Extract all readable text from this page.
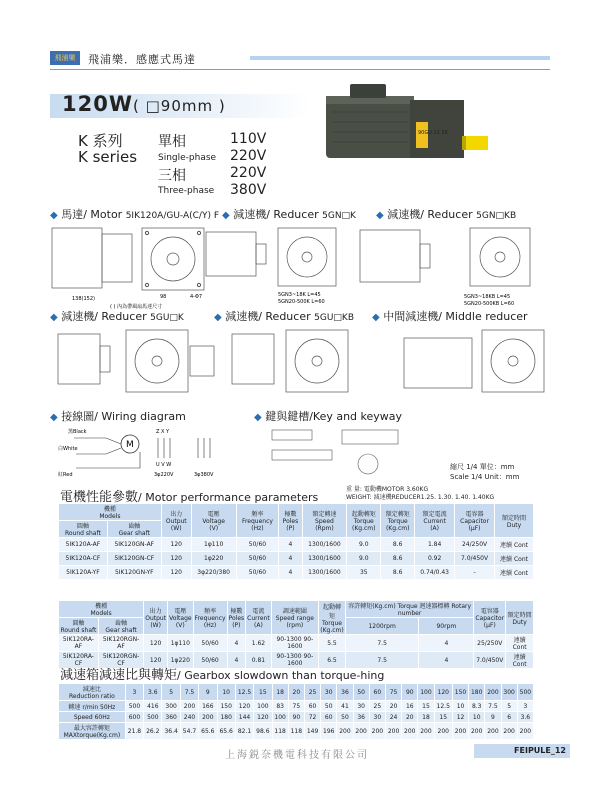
飛浦樂	飛浦樂．感應式馬達
120W( □90mm )
K 系列
K series
單相
Single-phase
三相
Three-phase
110V
220V
220V
380V
90GU 12.5K
◆ 馬達/ Motor 5IK120A/GU-A(C/Y) F ◆ 減速機/ Reducer 5GN□K ◆ 減速機/ Reducer 5GN□KB
138(152)	98	4-Φ7
( ) 內為帶風扇馬達尺寸
5GN3~18K L=45
5GN20-500K L=60
5GN3~18KB L=45
5GN20-500KB L=60
◆ 減速機/ Reducer 5GU□K	◆ 減速機/ Reducer 5GU□KB ◆ 中間減速機/ Middle reducer
◆ 接線圖/ Wiring diagram	◆ 鍵與鍵槽/Key and keyway
黑Black
白White
紅Red
M
Z X Y
U V W
3φ220V	3φ380V
縮尺 1/4 單位：mm
Scale 1/4 Unit：mm
重 量: 電動機MOTOR 3.60KG
WEIGHT: 減速機REDUCER1.25. 1.30. 1.40. 1.40KG
電機性能參數/ Motor performance parameters
機種
Models		出力
Output
(W)	電壓
Voltage
(V)	頻率
Frequency
(Hz)	極數
Poles
(P)	額定轉速
Speed
(Rpm)	起動轉矩
Torque
(Kg.cm)	額定轉矩
Torque
(Kg.cm)	額定電流
Current
(A)	電容器
Capacitor
(μF)	額定時間
Duty
圓軸
Round shaft	齒軸
Gear shaft										
5IK120A-AF	5IK120GN-AF	120	1φ110	50/60	4	1300/1600	9.0	8.6	1.84	24/250V	連續 Cont
5IK120A-CF	5IK120GN-CF	120	1φ220	50/60	4	1300/1600	9.0	8.6	0.92	7.0/450V	連續 Cont
5IK120A-YF	5IK120GN-YF	120	3φ220/380	50/60	4	1300/1600	35	8.6	0.74/0.43	-	連續 Cont
機種
Models		出力
Output
(W)	電壓
Voltage
(V)	頻率
Frequency
(Hz)	極數
Poles
(P)	電流
Current
(A)	調速範圍
Speed range
(rpm)	起動轉矩
Torque
(Kg.cm)	容許轉矩(Kg.cm) Torque 迴速器標轉 Rotary number		電容器
Capacitor
(μF)	額定時間
Duty
圓軸
Round shaft	齒軸
Gear shaft								1200rpm	90rpm		
5IK120RA-AF	5IK120RGN-AF	120	1φ110	50/60	4	1.62	90-1300 90-1600	5.5	7.5	4	25/250V	連續 Cont
5IK120RA-CF	5IK120RGN-CF	120	1φ220	50/60	4	0.81	90-1300 90-1600	6.5	7.5	4	7.0/450V	連續 Cont
減速箱減速比與轉矩/ Gearbox slowdown than torque-hing
減速比
Reduction ratio	3	3.6	5	7.5	9	10	12.5	15	18	20	25	30	36	50	60	75	90	100	120	150	180	200	300	500
轉速 r/min 50Hz	500	416	300	200	166	150	120	100	83	75	60	50	41	30	25	20	16	15	12.5	10	8.3	7.5	5	3
Speed 60Hz	600	500	360	240	200	180	144	120	100	90	72	60	50	36	30	24	20	18	15	12	10	9	6	3.6
最大容許轉矩
MAXtorque(Kg.cm)	21.8	26.2	36.4	54.7	65.6	65.6	82.1	98.6	118	118	149	196	200	200	200	200	200	200	200	200	200	200	200	200
上海鋭奈機電科技有限公司	FEIPULE_12
